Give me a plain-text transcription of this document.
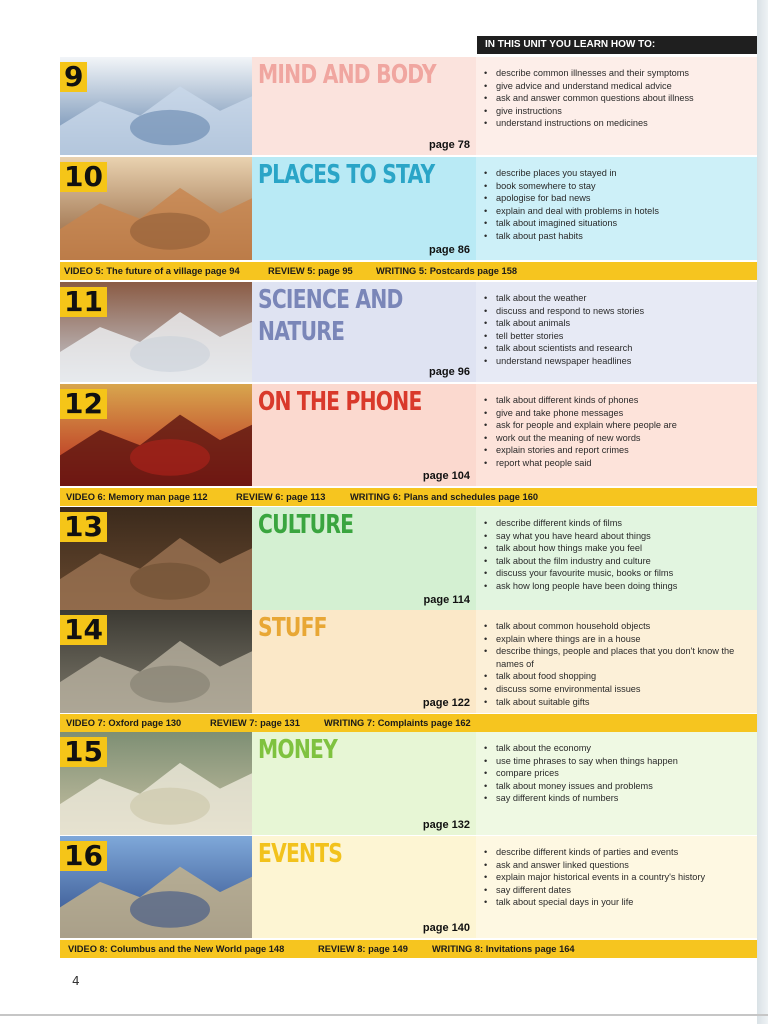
IN THIS UNIT YOU LEARN HOW TO:
9	MIND AND BODY
page 78
• describe common illnesses and their symptoms
• give advice and understand medical advice
• ask and answer common questions about illness
• give instructions
• understand instructions on medicines
10	PLACES TO STAY
page 86
• describe places you stayed in
• book somewhere to stay
• apologise for bad news
• explain and deal with problems in hotels
• talk about imagined situations
• talk about past habits
11	SCIENCE AND NATURE
page 96
• talk about the weather
• discuss and respond to news stories
• talk about animals
• tell better stories
• talk about scientists and research
• understand newspaper headlines
12	ON THE PHONE
page 104
• talk about different kinds of phones
• give and take phone messages
• ask for people and explain where people are
• work out the meaning of new words
• explain stories and report crimes
• report what people said
13	CULTURE
page 114
• describe different kinds of films
• say what you have heard about things
• talk about how things make you feel
• talk about the film industry and culture
• discuss your favourite music, books or films
• ask how long people have been doing things
14	STUFF
page 122
• talk about common household objects
• explain where things are in a house
• describe things, people and places that you don't know the names of
• talk about food shopping
• discuss some environmental issues
• talk about suitable gifts
15	MONEY
page 132
• talk about the economy
• use time phrases to say when things happen
• compare prices
• talk about money issues and problems
• say different kinds of numbers
16	EVENTS
page 140
• describe different kinds of parties and events
• ask and answer linked questions
• explain major historical events in a country's history
• say different dates
• talk about special days in your life
VIDEO 5: The future of a village page 94	REVIEW 5: page 95	WRITING 5: Postcards page 158
VIDEO 6: Memory man page 112	REVIEW 6: page 113	WRITING 6: Plans and schedules page 160
VIDEO 7: Oxford page 130	REVIEW 7: page 131	WRITING 7: Complaints page 162
VIDEO 8: Columbus and the New World page 148	REVIEW 8: page 149	WRITING 8: Invitations page 164
4
